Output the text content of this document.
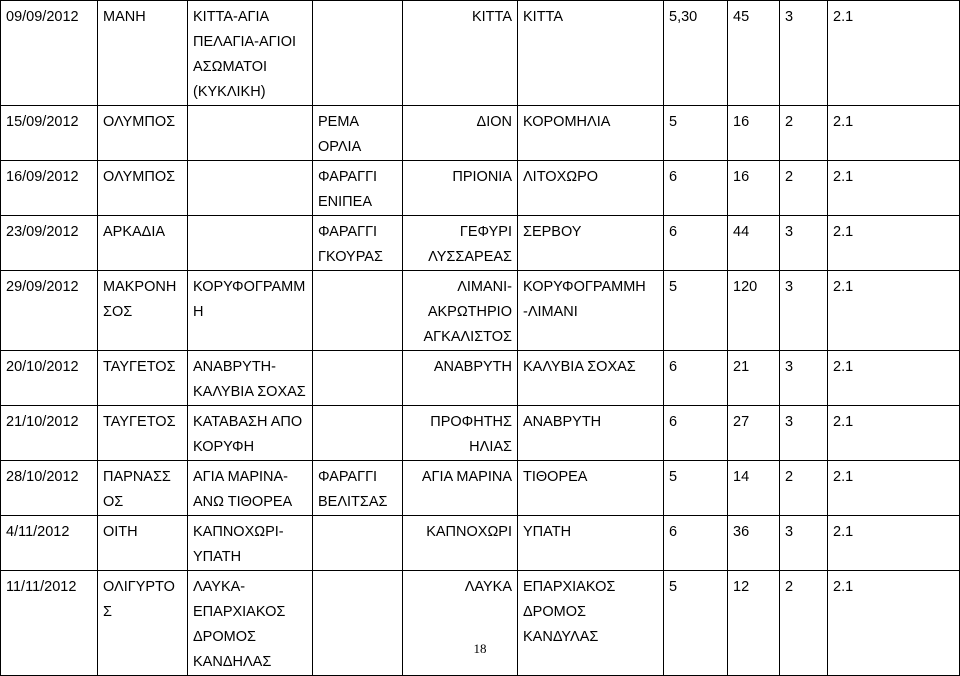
09/09/2012	ΜΑΝΗ	ΚΙΤΤΑ-ΑΓΙΑ
ΠΕΛΑΓΙΑ-ΑΓΙΟΙ
ΑΣΩΜΑΤΟΙ
(ΚΥΚΛΙΚΗ)		ΚΙΤΤΑ	ΚΙΤΤΑ	5,30	45	3	2.1
15/09/2012	ΟΛΥΜΠΟΣ		ΡΕΜΑ
ΟΡΛΙΑ	ΔΙΟΝ	ΚΟΡΟΜΗΛΙΑ	5	16	2	2.1
16/09/2012	ΟΛΥΜΠΟΣ		ΦΑΡΑΓΓΙ
ΕΝΙΠΕΑ	ΠΡΙΟΝΙΑ	ΛΙΤΟΧΩΡΟ	6	16	2	2.1
23/09/2012	ΑΡΚΑΔΙΑ		ΦΑΡΑΓΓΙ
ΓΚΟΥΡΑΣ	ΓΕΦΥΡΙ
ΛΥΣΣΑΡΕΑΣ	ΣΕΡΒΟΥ	6	44	3	2.1
29/09/2012	ΜΑΚΡΟΝΗ
ΣΟΣ	ΚΟΡΥΦΟΓΡΑΜΜ
Η		ΛΙΜΑΝΙ-
ΑΚΡΩΤΗΡΙΟ
ΑΓΚΑΛΙΣΤΟΣ	ΚΟΡΥΦΟΓΡΑΜΜΗ
-ΛΙΜΑΝΙ	5	120	3	2.1
20/10/2012	ΤΑΥΓΕΤΟΣ	ΑΝΑΒΡΥΤΗ-
ΚΑΛΥΒΙΑ ΣΟΧΑΣ		ΑΝΑΒΡΥΤΗ	ΚΑΛΥΒΙΑ ΣΟΧΑΣ	6	21	3	2.1
21/10/2012	ΤΑΥΓΕΤΟΣ	ΚΑΤΑΒΑΣΗ ΑΠΟ
ΚΟΡΥΦΗ		ΠΡΟΦΗΤΗΣ
ΗΛΙΑΣ	ΑΝΑΒΡΥΤΗ	6	27	3	2.1
28/10/2012	ΠΑΡΝΑΣΣ
ΟΣ	ΑΓΙΑ ΜΑΡΙΝΑ-
ΑΝΩ ΤΙΘΟΡΕΑ	ΦΑΡΑΓΓΙ
ΒΕΛΙΤΣΑΣ	ΑΓΙΑ ΜΑΡΙΝΑ	ΤΙΘΟΡΕΑ	5	14	2	2.1
4/11/2012	ΟΙΤΗ	ΚΑΠΝΟΧΩΡΙ-
ΥΠΑΤΗ		ΚΑΠΝΟΧΩΡΙ	ΥΠΑΤΗ	6	36	3	2.1
11/11/2012	ΟΛΙΓΥΡΤΟ
Σ	ΛΑΥΚΑ-
ΕΠΑΡΧΙΑΚΟΣ
ΔΡΟΜΟΣ
ΚΑΝΔΗΛΑΣ		ΛΑΥΚΑ	ΕΠΑΡΧΙΑΚΟΣ
ΔΡΟΜΟΣ
ΚΑΝΔΥΛΑΣ	5	12	2	2.1
18
